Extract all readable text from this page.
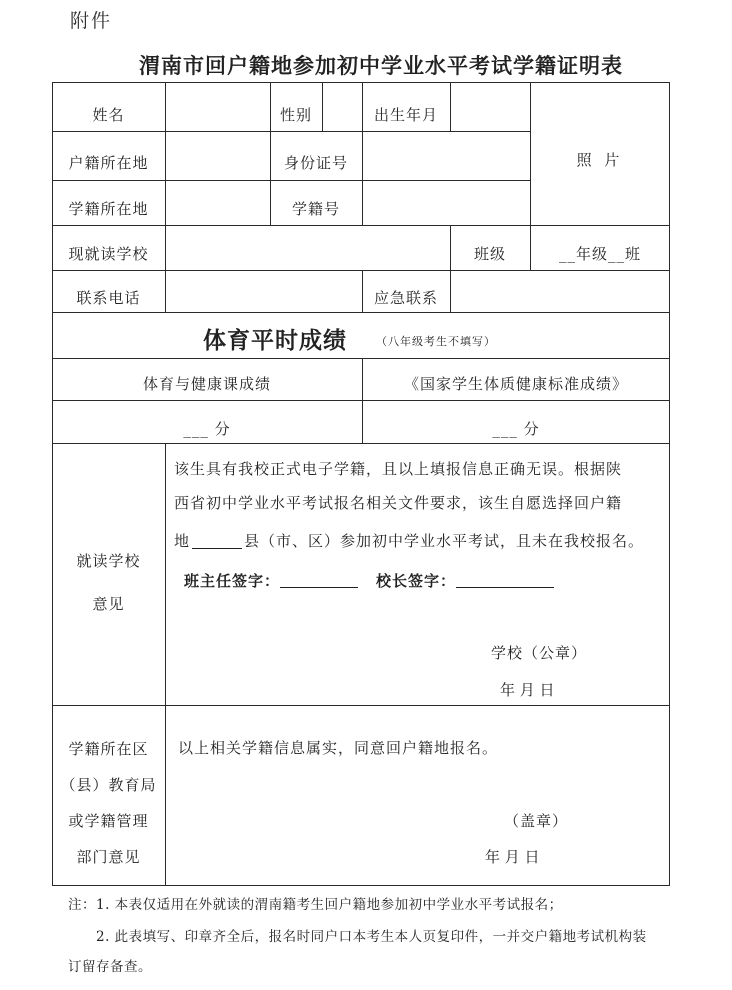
附件
渭南市回户籍地参加初中学业水平考试学籍证明表
姓名	性别	出生年月
照 片
户籍所在地	身份证号
学籍所在地	学籍号
现就读学校	班级	__年级__班
联系电话	应急联系
体育平时成绩	（八年级考生不填写）
体育与健康课成绩	《国家学生体质健康标准成绩》
___ 分	___ 分
就读学校
意见
该生具有我校正式电子学籍，且以上填报信息正确无误。根据陕
西省初中学业水平考试报名相关文件要求，该生自愿选择回户籍
地	县（市、区）参加初中学业水平考试，且未在我校报名。
班主任签字：	校长签字：
学校（公章）
年 月 日
学籍所在区
（县）教育局
或学籍管理
部门意见
以上相关学籍信息属实，同意回户籍地报名。
（盖章）
年 月 日
注：1. 本表仅适用在外就读的渭南籍考生回户籍地参加初中学业水平考试报名；
2. 此表填写、印章齐全后，报名时同户口本考生本人页复印件，一并交户籍地考试机构装
订留存备查。
